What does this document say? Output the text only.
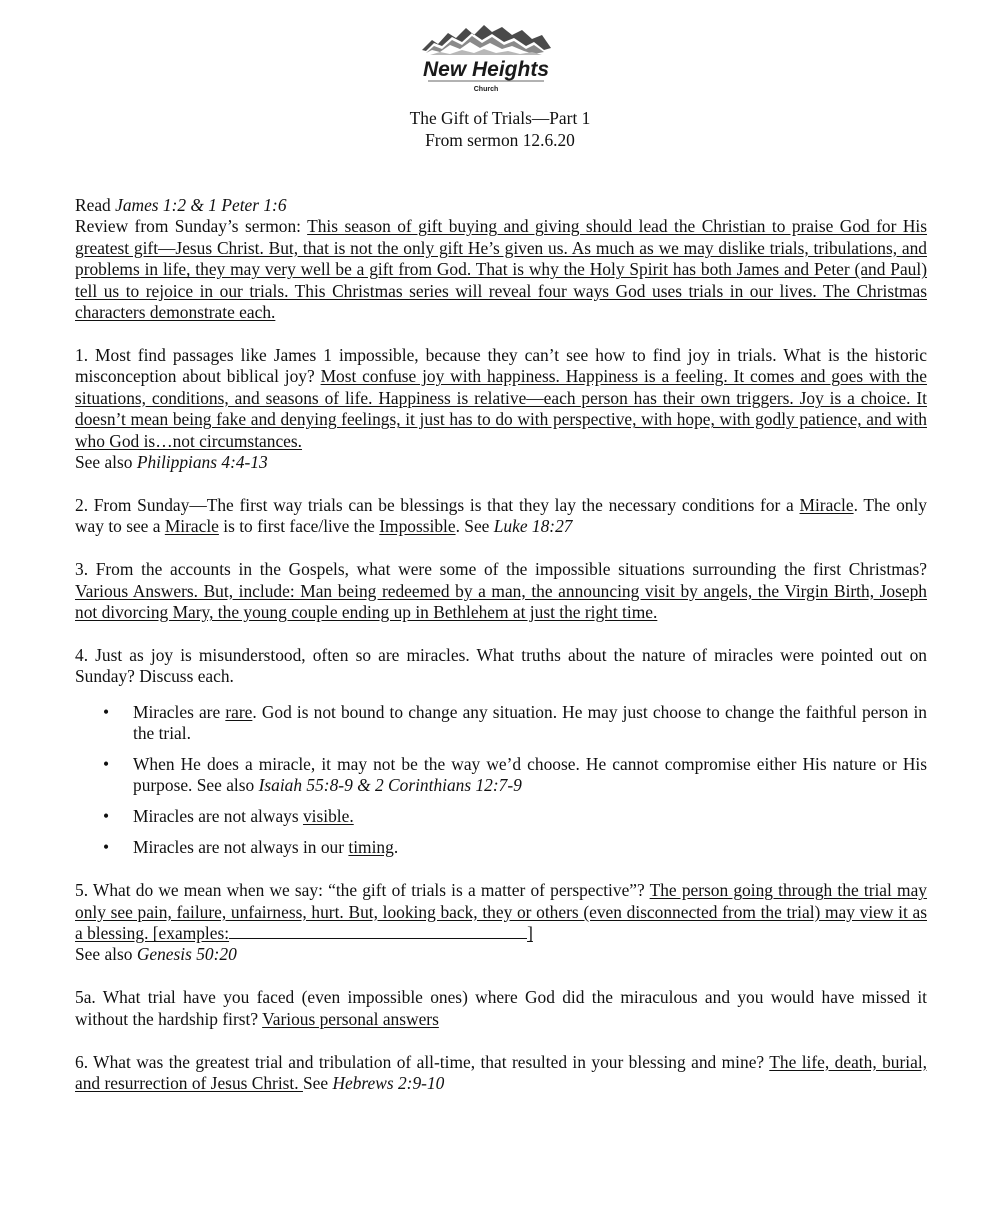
New Heights
Church
The Gift of Trials—Part 1
From sermon 12.6.20

Read James 1:2 & 1 Peter 1:6

Review from Sunday’s sermon: This season of gift buying and giving should lead the Christian to praise God for His greatest gift—Jesus Christ. But, that is not the only gift He’s given us. As much as we may dislike trials, tribulations, and problems in life, they may very well be a gift from God. That is why the Holy Spirit has both James and Peter (and Paul) tell us to rejoice in our trials. This Christmas series will reveal four ways God uses trials in our lives. The Christmas characters demonstrate each.

1. Most find passages like James 1 impossible, because they can’t see how to find joy in trials. What is the historic misconception about biblical joy? Most confuse joy with happiness. Happiness is a feeling. It comes and goes with the situations, conditions, and seasons of life. Happiness is relative—each person has their own triggers. Joy is a choice. It doesn’t mean being fake and denying feelings, it just has to do with perspective, with hope, with godly patience, and with who God is…not circumstances.

See also Philippians 4:4-13

2. From Sunday—The first way trials can be blessings is that they lay the necessary conditions for a Miracle. The only way to see a Miracle is to first face/live the Impossible. See Luke 18:27

3. From the accounts in the Gospels, what were some of the impossible situations surrounding the first Christmas? Various Answers. But, include: Man being redeemed by a man, the announcing visit by angels, the Virgin Birth, Joseph not divorcing Mary, the young couple ending up in Bethlehem at just the right time.

4. Just as joy is misunderstood, often so are miracles. What truths about the nature of miracles were pointed out on Sunday? Discuss each.

• Miracles are rare. God is not bound to change any situation. He may just choose to change the faithful person in the trial.
• When He does a miracle, it may not be the way we’d choose. He cannot compromise either His nature or His purpose. See also Isaiah 55:8-9 & 2 Corinthians 12:7-9
• Miracles are not always visible.
• Miracles are not always in our timing.

5. What do we mean when we say: “the gift of trials is a matter of perspective”? The person going through the trial may only see pain, failure, unfairness, hurt. But, looking back, they or others (even disconnected from the trial) may view it as a blessing. [examples:	]

See also Genesis 50:20

5a. What trial have you faced (even impossible ones) where God did the miraculous and you would have missed it without the hardship first? Various personal answers

6. What was the greatest trial and tribulation of all-time, that resulted in your blessing and mine? The life, death, burial, and resurrection of Jesus Christ. See Hebrews 2:9-10
